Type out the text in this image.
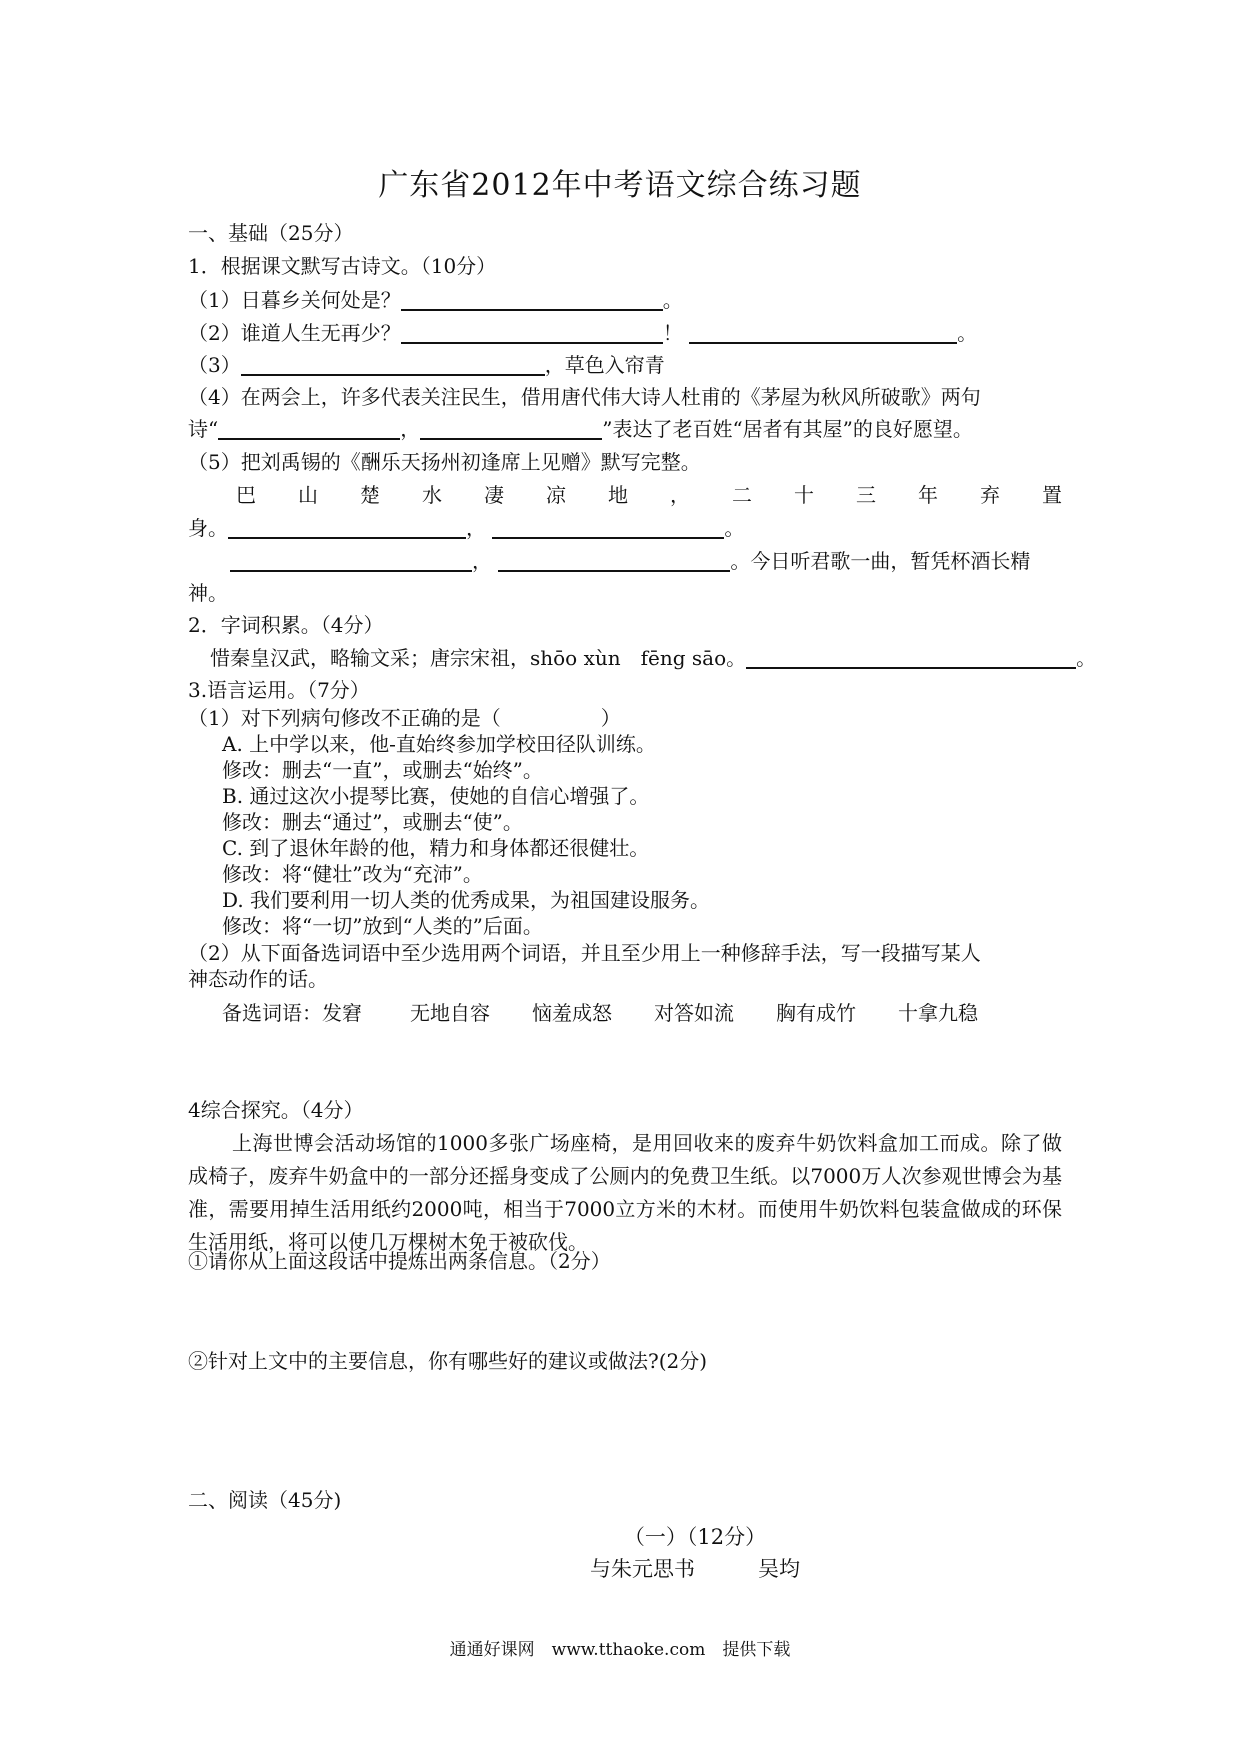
广东省2012年中考语文综合练习题
一、基础（25分）
1．根据课文默写古诗文。（10分）
（1）日暮乡关何处是？	。
（2）谁道人生无再少？	！	。
（3）	，草色入帘青
（4）在两会上，许多代表关注民生，借用唐代伟大诗人杜甫的《茅屋为秋风所破歌》两句
诗“	，	”表达了老百姓“居者有其屋”的良好愿望。
（5）把刘禹锡的《酬乐天扬州初逢席上见赠》默写完整。
巴 山 楚 水 凄 凉 地 ， 二 十 三 年 弃 置
身。	，	。
，	。今日听君歌一曲，暂凭杯酒长精
神。
2．字词积累。（4分）
惜秦皇汉武，略输文采；唐宗宋祖，shōo xùn　fēng sāo。	。
3.语言运用。（7分）
（1）对下列病句修改不正确的是（　　　　　）
A. 上中学以来，他-直始终参加学校田径队训练。
修改：删去“一直”，或删去“始终”。
B. 通过这次小提琴比赛，使她的自信心增强了。
修改：删去“通过”，或删去“使”。
C. 到了退休年龄的他，精力和身体都还很健壮。
修改：将“健壮”改为“充沛”。
D. 我们要利用一切人类的优秀成果，为祖国建设服务。
修改：将“一切”放到“人类的”后面。
（2）从下面备选词语中至少选用两个词语，并且至少用上一种修辞手法，写一段描写某人
神态动作的话。
备选词语：发窘 无地自容 恼羞成怒 对答如流 胸有成竹 十拿九稳
4综合探究。（4分）
上海世博会活动场馆的1000多张广场座椅，是用回收来的废弃牛奶饮料盒加工而成。除了做成椅子，废弃牛奶盒中的一部分还摇身变成了公厕内的免费卫生纸。以7000万人次参观世博会为基准，需要用掉生活用纸约2000吨，相当于7000立方米的木材。而使用牛奶饮料包装盒做成的环保生活用纸，将可以使几万棵树木免于被砍伐。
①请你从上面这段话中提炼出两条信息。（2分）
②针对上文中的主要信息，你有哪些好的建议或做法?(2分)
二、阅读（45分)
（一）（12分）
与朱元思书　　　吴均
通通好课网　www.tthaoke.com　提供下载
